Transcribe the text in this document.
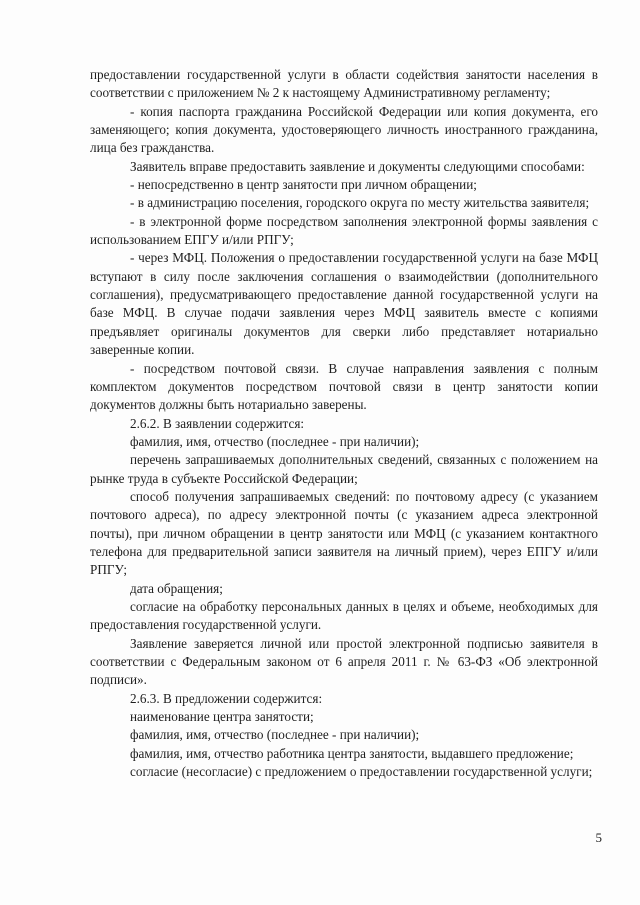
предоставлении государственной услуги в области содействия занятости населения в соответствии с приложением № 2 к настоящему Административному регламенту;

- копия паспорта гражданина Российской Федерации или копия документа, его заменяющего; копия документа, удостоверяющего личность иностранного гражданина, лица без гражданства.

Заявитель вправе предоставить заявление и документы следующими способами:

- непосредственно в центр занятости при личном обращении;

- в администрацию поселения, городского округа по месту жительства заявителя;

- в электронной форме посредством заполнения электронной формы заявления с использованием ЕПГУ и/или РПГУ;

- через МФЦ. Положения о предоставлении государственной услуги на базе МФЦ вступают в силу после заключения соглашения о взаимодействии (дополнительного соглашения), предусматривающего предоставление данной государственной услуги на базе МФЦ. В случае подачи заявления через МФЦ заявитель вместе с копиями предъявляет оригиналы документов для сверки либо представляет нотариально заверенные копии.

- посредством почтовой связи. В случае направления заявления с полным комплектом документов посредством почтовой связи в центр занятости копии документов должны быть нотариально заверены.

2.6.2. В заявлении содержится:

фамилия, имя, отчество (последнее - при наличии);

перечень запрашиваемых дополнительных сведений, связанных с положением на рынке труда в субъекте Российской Федерации;

способ получения запрашиваемых сведений: по почтовому адресу (с указанием почтового адреса), по адресу электронной почты (с указанием адреса электронной почты), при личном обращении в центр занятости или МФЦ (с указанием контактного телефона для предварительной записи заявителя на личный прием), через ЕПГУ и/или РПГУ;

дата обращения;

согласие на обработку персональных данных в целях и объеме, необходимых для предоставления государственной услуги.

Заявление заверяется личной или простой электронной подписью заявителя в соответствии с Федеральным законом от 6 апреля 2011 г. № 63-ФЗ «Об электронной подписи».

2.6.3. В предложении содержится:

наименование центра занятости;

фамилия, имя, отчество (последнее - при наличии);

фамилия, имя, отчество работника центра занятости, выдавшего предложение;

согласие (несогласие) с предложением о предоставлении государственной услуги;

5
